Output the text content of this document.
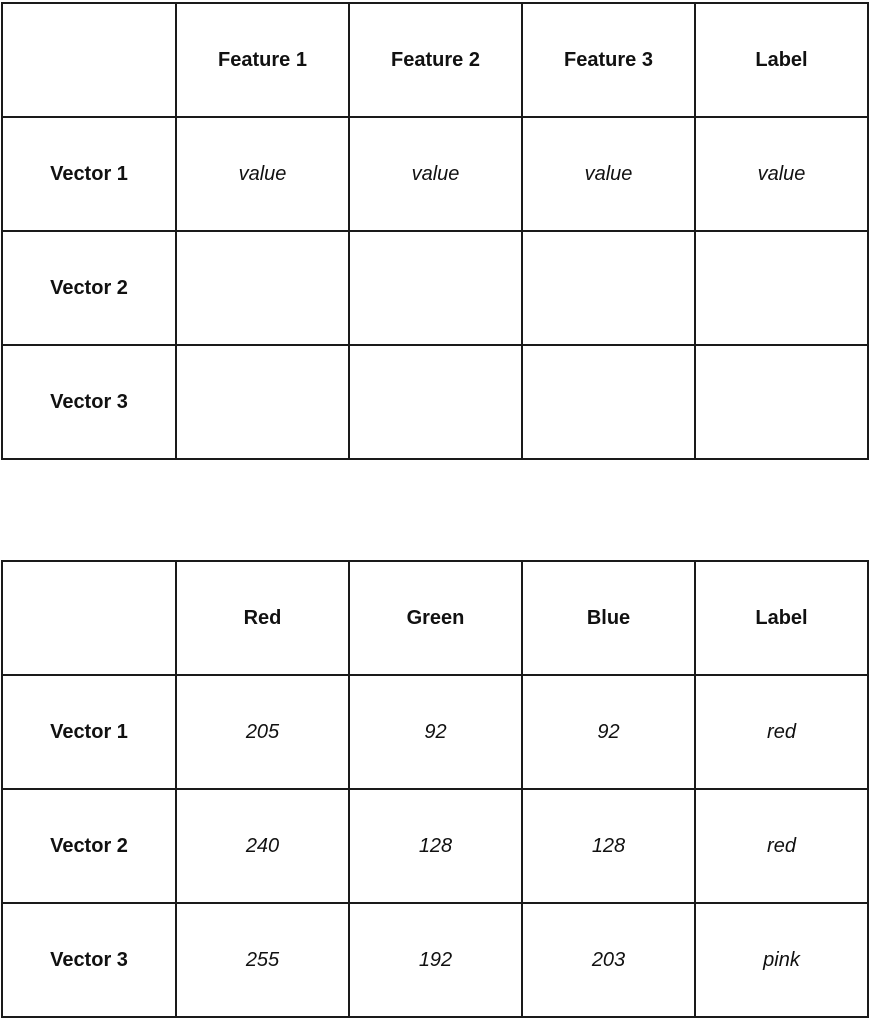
	Feature 1	Feature 2	Feature 3	Label
Vector 1	value	value	value	value
Vector 2				
Vector 3				
	Red	Green	Blue	Label
Vector 1	205	92	92	red
Vector 2	240	128	128	red
Vector 3	255	192	203	pink
